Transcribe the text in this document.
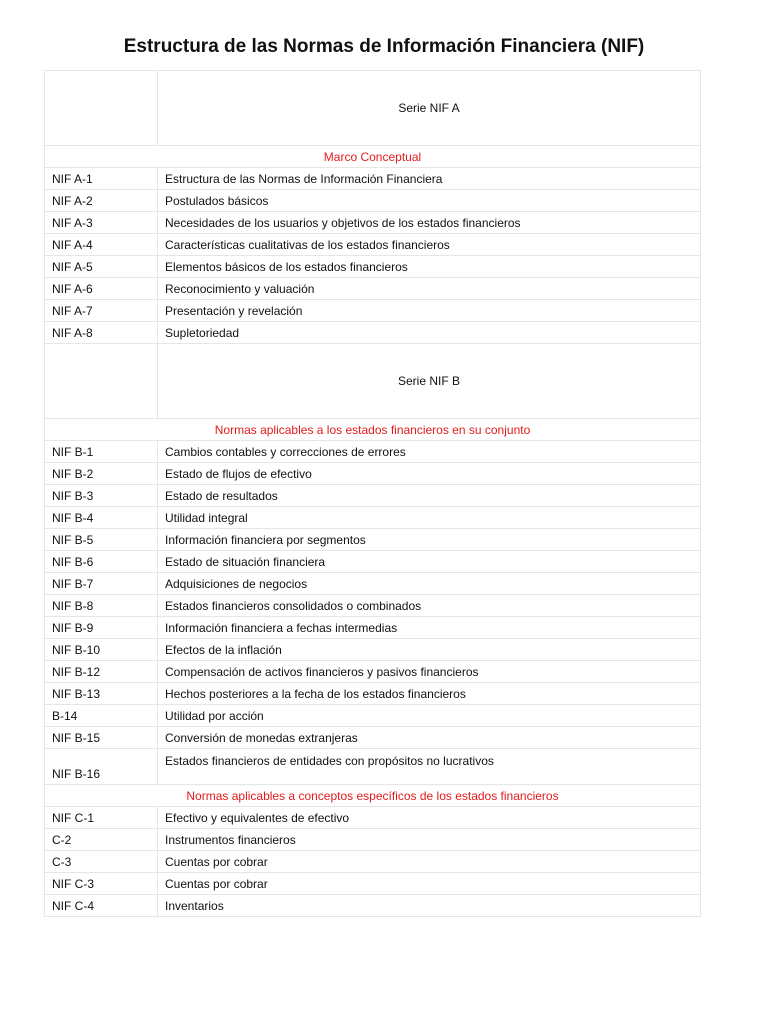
Estructura de las Normas de Información Financiera (NIF)
	Serie NIF A
Marco Conceptual	
NIF A-1	Estructura de las Normas de Información Financiera
NIF A-2	Postulados básicos
NIF A-3	Necesidades de los usuarios y objetivos de los estados financieros
NIF A-4	Características cualitativas de los estados financieros
NIF A-5	Elementos básicos de los estados financieros
NIF A-6	Reconocimiento y valuación
NIF A-7	Presentación y revelación
NIF A-8	Supletoriedad
	Serie NIF B
Normas aplicables a los estados financieros en su conjunto	
NIF B-1	Cambios contables y correcciones de errores
NIF B-2	Estado de flujos de efectivo
NIF B-3	Estado de resultados
NIF B-4	Utilidad integral
NIF B-5	Información financiera por segmentos
NIF B-6	Estado de situación financiera
NIF B-7	Adquisiciones de negocios
NIF B-8	Estados financieros consolidados o combinados
NIF B-9	Información financiera a fechas intermedias
NIF B-10	Efectos de la inflación
NIF B-12	Compensación de activos financieros y pasivos financieros
NIF B-13	Hechos posteriores a la fecha de los estados financieros
B-14	Utilidad por acción
NIF B-15	Conversión de monedas extranjeras
NIF B-16	Estados financieros de entidades con propósitos no lucrativos
Normas aplicables a conceptos específicos de los estados financieros	
NIF C-1	Efectivo y equivalentes de efectivo
C-2	Instrumentos financieros
C-3	Cuentas por cobrar
NIF C-3	Cuentas por cobrar
NIF C-4	Inventarios
